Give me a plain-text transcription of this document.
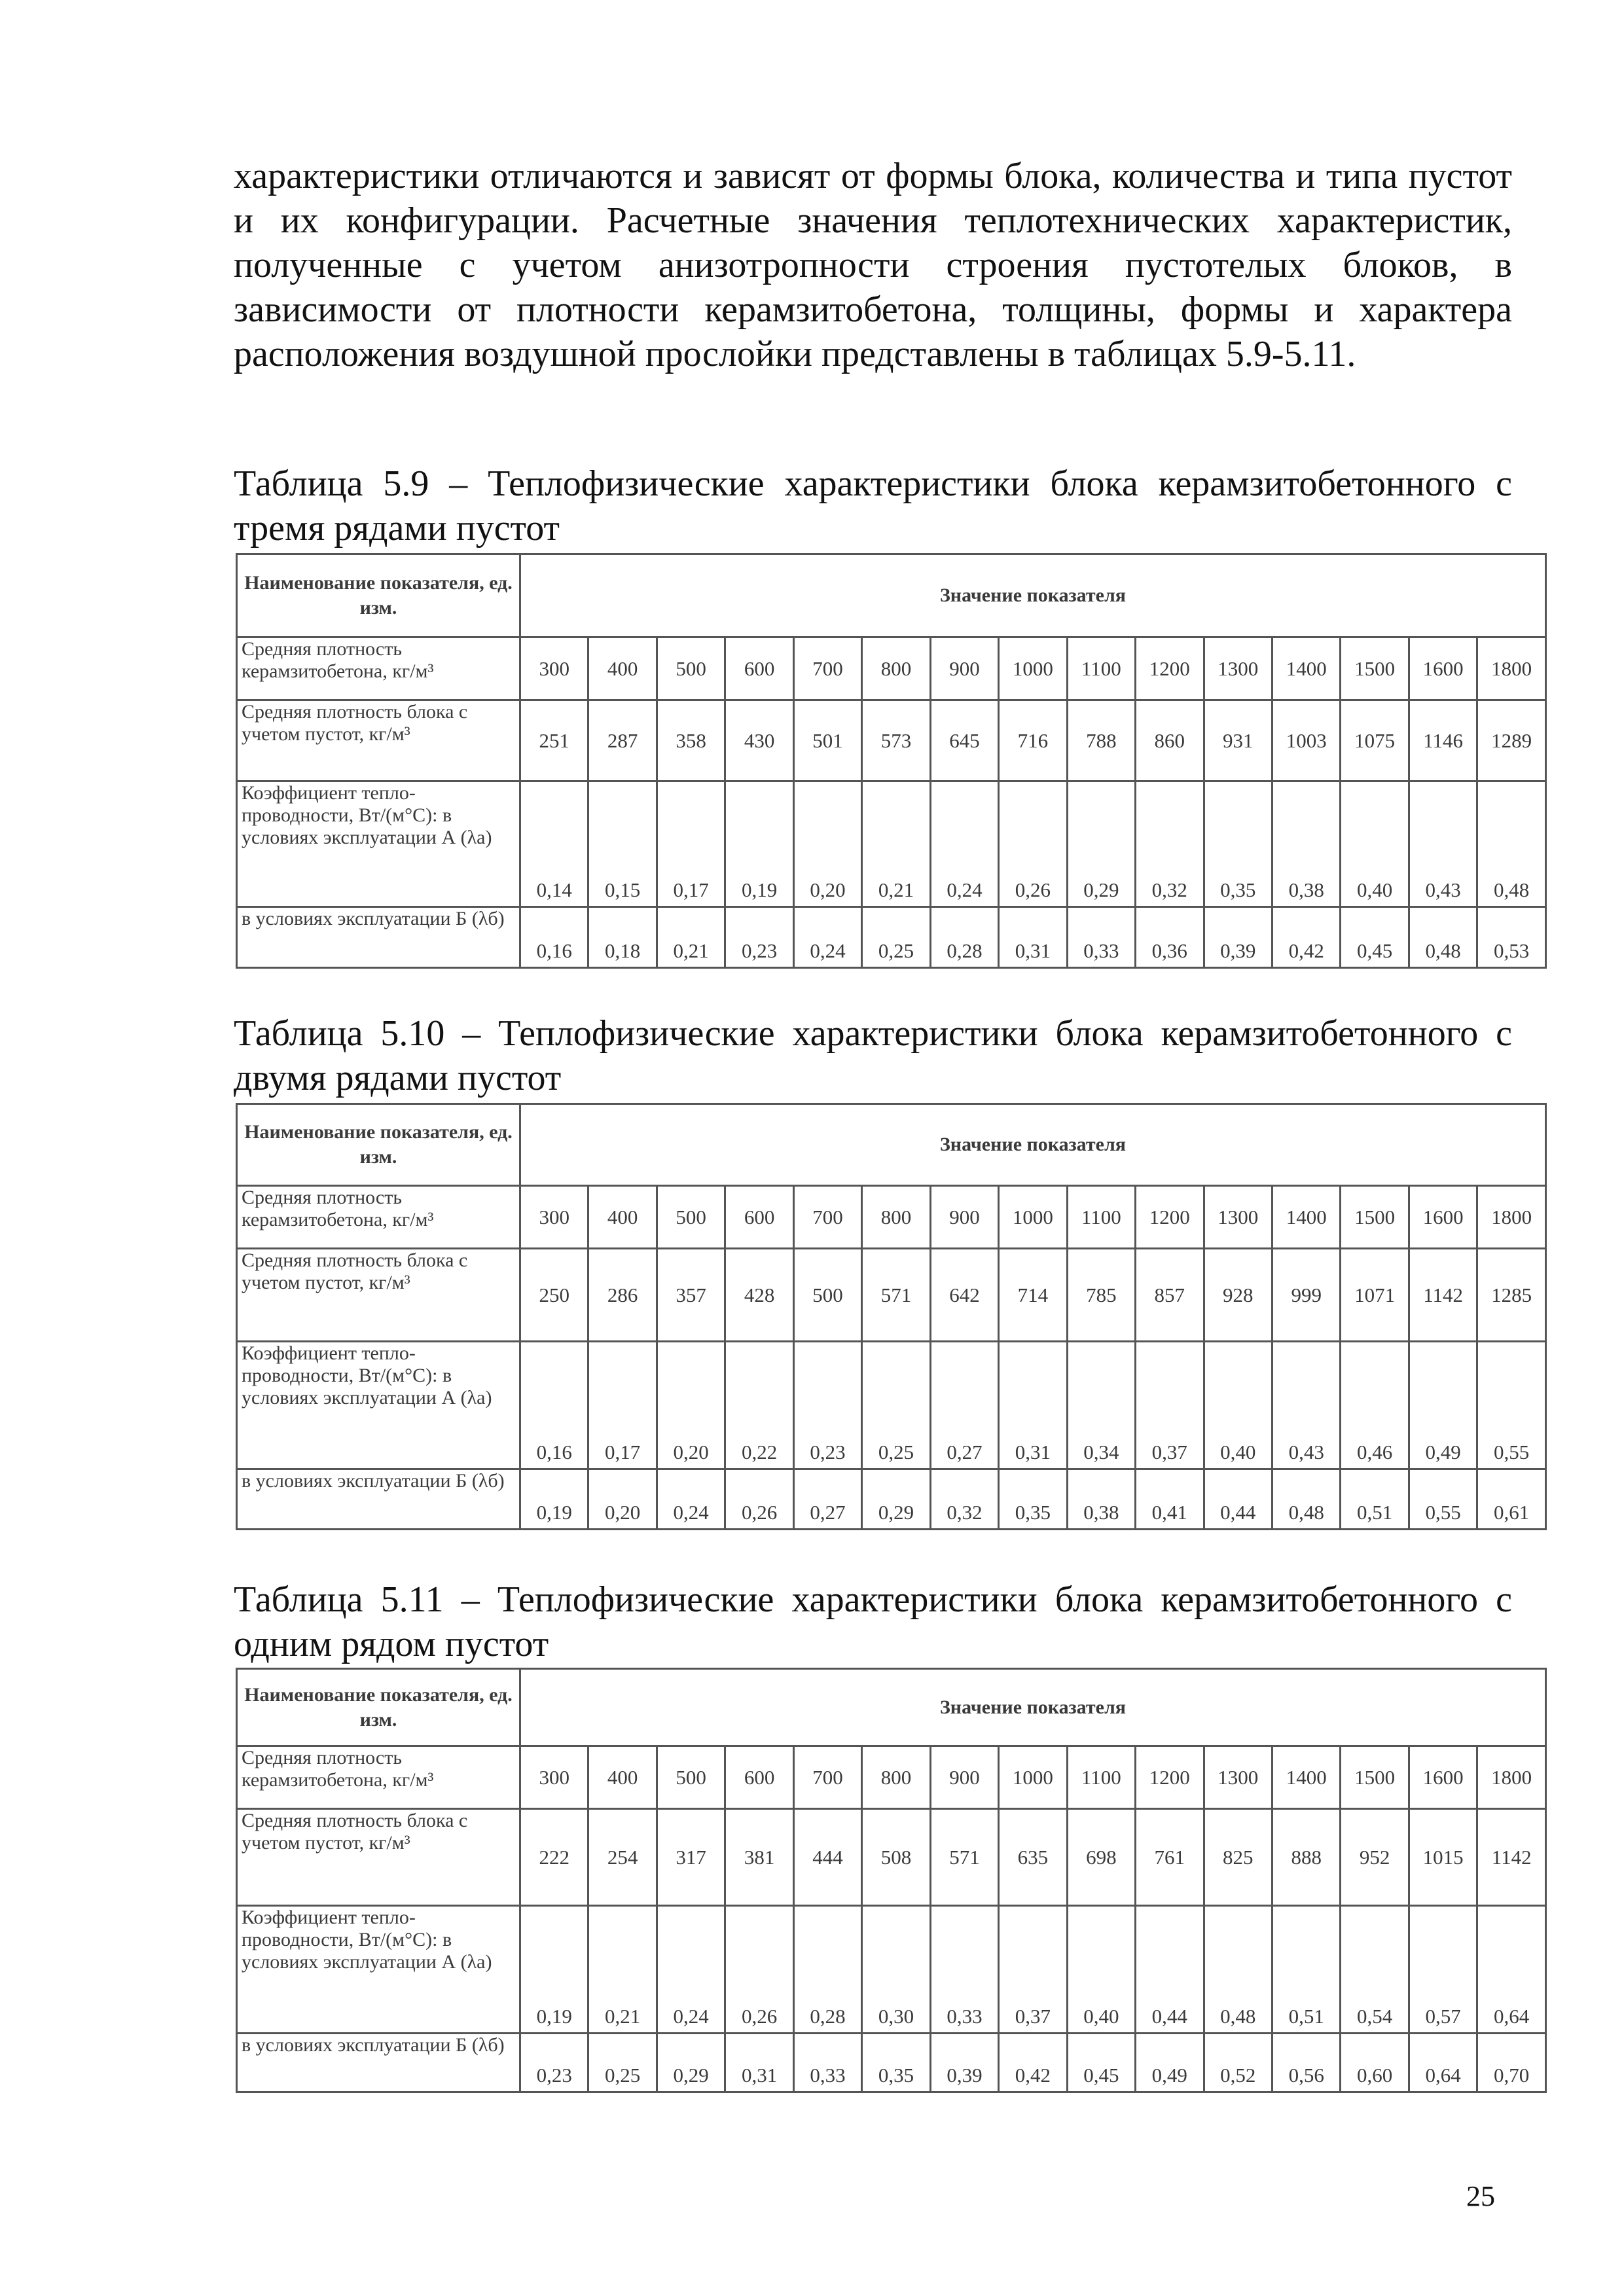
характеристики отличаются и зависят от формы блока, количества и типа пустот и их конфигурации. Расчетные значения теплотехнических характеристик, полученные с учетом анизотропности строения пустотелых блоков, в зависимости от плотности керамзитобетона, толщины, формы и характера расположения воздушной прослойки представлены в таблицах 5.9-5.11.

Таблица 5.9 – Теплофизические характеристики блока керамзитобетонного с тремя рядами пустот

Наименование показателя, ед. изм.	Значение показателя														
Средняя плотность керамзитобетона, кг/м³	300	400	500	600	700	800	900	1000	1100	1200	1300	1400	1500	1600	1800
Средняя плотность блока с учетом пустот, кг/м³	251	287	358	430	501	573	645	716	788	860	931	1003	1075	1146	1289
Коэффициент тепло-проводности, Вт/(м°С): в условиях эксплуатации А (λа)	0,14	0,15	0,17	0,19	0,20	0,21	0,24	0,26	0,29	0,32	0,35	0,38	0,40	0,43	0,48
в условиях эксплуатации Б (λб)	0,16	0,18	0,21	0,23	0,24	0,25	0,28	0,31	0,33	0,36	0,39	0,42	0,45	0,48	0,53

Таблица 5.10 – Теплофизические характеристики блока керамзитобетонного с двумя рядами пустот

Наименование показателя, ед. изм.	Значение показателя														
Средняя плотность керамзитобетона, кг/м³	300	400	500	600	700	800	900	1000	1100	1200	1300	1400	1500	1600	1800
Средняя плотность блока с учетом пустот, кг/м³	250	286	357	428	500	571	642	714	785	857	928	999	1071	1142	1285
Коэффициент тепло-проводности, Вт/(м°С): в условиях эксплуатации А (λа)	0,16	0,17	0,20	0,22	0,23	0,25	0,27	0,31	0,34	0,37	0,40	0,43	0,46	0,49	0,55
в условиях эксплуатации Б (λб)	0,19	0,20	0,24	0,26	0,27	0,29	0,32	0,35	0,38	0,41	0,44	0,48	0,51	0,55	0,61

Таблица 5.11 – Теплофизические характеристики блока керамзитобетонного с одним рядом пустот

Наименование показателя, ед. изм.	Значение показателя														
Средняя плотность керамзитобетона, кг/м³	300	400	500	600	700	800	900	1000	1100	1200	1300	1400	1500	1600	1800
Средняя плотность блока с учетом пустот, кг/м³	222	254	317	381	444	508	571	635	698	761	825	888	952	1015	1142
Коэффициент тепло-проводности, Вт/(м°С): в условиях эксплуатации А (λа)	0,19	0,21	0,24	0,26	0,28	0,30	0,33	0,37	0,40	0,44	0,48	0,51	0,54	0,57	0,64
в условиях эксплуатации Б (λб)	0,23	0,25	0,29	0,31	0,33	0,35	0,39	0,42	0,45	0,49	0,52	0,56	0,60	0,64	0,70
25
